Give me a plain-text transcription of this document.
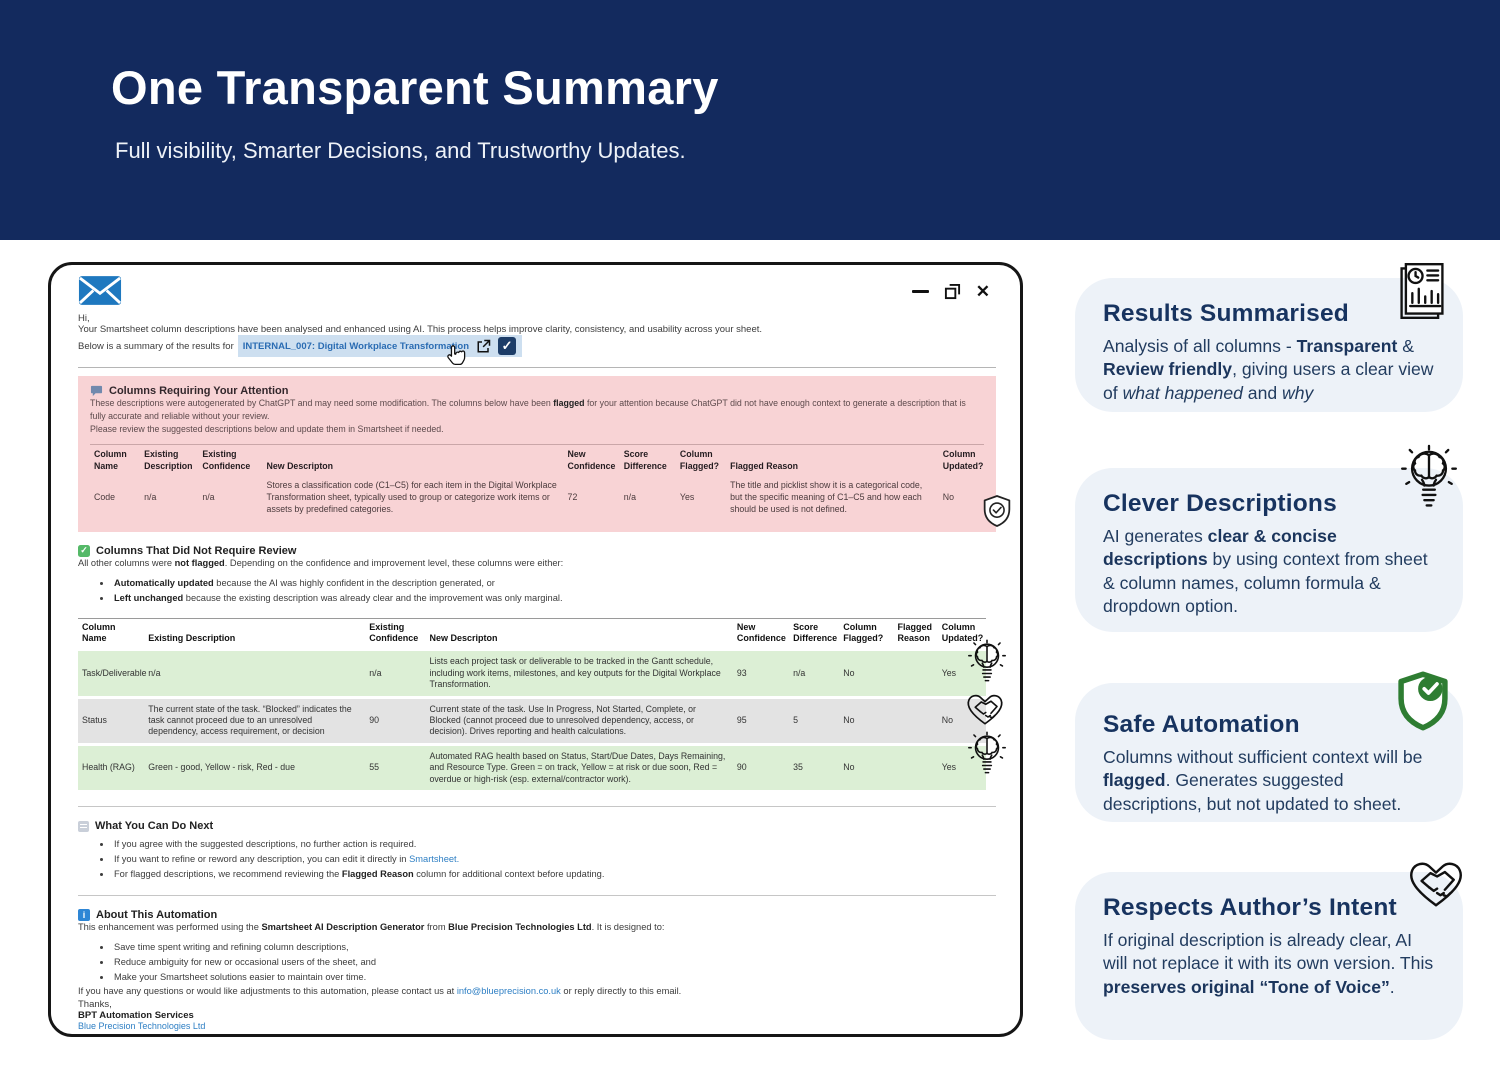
One Transparent Summary

Full visibility, Smarter Decisions, and Trustworthy Updates.

✕

Hi,

Your Smartsheet column descriptions have been analysed and enhanced using AI. This process helps improve clarity, consistency, and usability across your sheet.

Below is a summary of the results for INTERNAL_007: Digital Workplace Transformation	✓

Columns Requiring Your Attention

These descriptions were autogenerated by ChatGPT and may need some modification. The columns below have been flagged for your attention because ChatGPT did not have enough context to generate a description that is fully accurate and reliable without your review.

Please review the suggested descriptions below and update them in Smartsheet if needed.

Column Name	Existing Description	Existing Confidence	New Descripton	New Confidence	Score Difference	Column Flagged?	Flagged Reason	Column Updated?
Code	n/a	n/a	Stores a classification code (C1–C5) for each item in the Digital Workplace Transformation sheet, typically used to group or categorize work items or assets by predefined categories.	72	n/a	Yes	The title and picklist show it is a categorical code, but the specific meaning of C1–C5 and how each should be used is not defined.	No
✓ Columns That Did Not Require Review

All other columns were not flagged. Depending on the confidence and improvement level, these columns were either:

• Automatically updated because the AI was highly confident in the description generated, or
• Left unchanged because the existing description was already clear and the improvement was only marginal.
Column Name	Existing Description	Existing Confidence	New Descripton	New Confidence	Score Difference	Column Flagged?	Flagged Reason	Column Updated?
Task/Deliverable	n/a	n/a	Lists each project task or deliverable to be tracked in the Gantt schedule, including work items, milestones, and key outputs for the Digital Workplace Transformation.	93	n/a	No		Yes
Status	The current state of the task. “Blocked” indicates the task cannot proceed due to an unresolved dependency, access requirement, or decision	90	Current state of the task. Use In Progress, Not Started, Complete, or Blocked (cannot proceed due to unresolved dependency, access, or decision). Drives reporting and health calculations.	95	5	No		No
Health (RAG)	Green - good, Yellow - risk, Red - due	55	Automated RAG health based on Status, Start/Due Dates, Days Remaining, and Resource Type. Green = on track, Yellow = at risk or due soon, Red = overdue or high-risk (esp. external/contractor work).	90	35	No		Yes
What You Can Do Next
• If you agree with the suggested descriptions, no further action is required.
• If you want to refine or reword any description, you can edit it directly in Smartsheet.
• For flagged descriptions, we recommend reviewing the Flagged Reason column for additional context before updating.
i About This Automation

This enhancement was performed using the Smartsheet AI Description Generator from Blue Precision Technologies Ltd. It is designed to:

• Save time spent writing and refining column descriptions,
• Reduce ambiguity for new or occasional users of the sheet, and
• Make your Smartsheet solutions easier to maintain over time.

If you have any questions or would like adjustments to this automation, please contact us at info@blueprecision.co.uk or reply directly to this email.

Thanks,

BPT Automation Services

Blue Precision Technologies Ltd

Results Summarised

Analysis of all columns - Transparent & Review friendly, giving users a clear view of what happened and why

Clever Descriptions

AI generates clear & concise descriptions by using context from sheet & column names, column formula & dropdown option.

Safe Automation

Columns without sufficient context will be flagged. Generates suggested descriptions, but not updated to sheet.

Respects Author’s Intent

If original description is already clear, AI will not replace it with its own version. This preserves original “Tone of Voice”.
